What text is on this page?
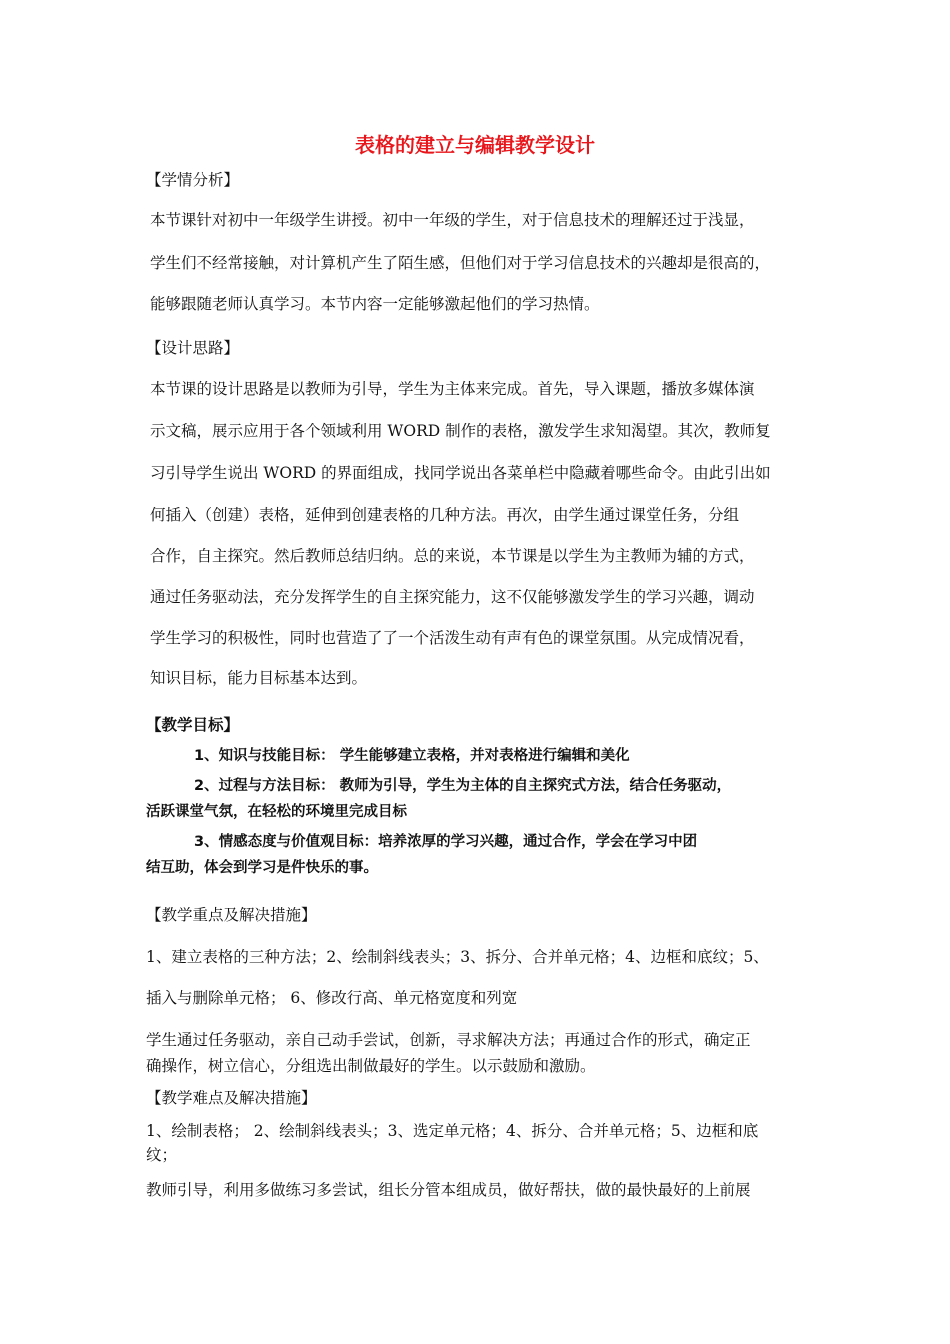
表格的建立与编辑教学设计
【学情分析】
本节课针对初中一年级学生讲授。初中一年级的学生，对于信息技术的理解还过于浅显，
学生们不经常接触，对计算机产生了陌生感，但他们对于学习信息技术的兴趣却是很高的，
能够跟随老师认真学习。本节内容一定能够激起他们的学习热情。
【设计思路】
本节课的设计思路是以教师为引导，学生为主体来完成。首先，导入课题，播放多媒体演
示文稿，展示应用于各个领域利用 WORD 制作的表格，激发学生求知渴望。其次，教师复
习引导学生说出 WORD 的界面组成，找同学说出各菜单栏中隐藏着哪些命令。由此引出如
何插入（创建）表格，延伸到创建表格的几种方法。再次，由学生通过课堂任务，分组
合作，自主探究。然后教师总结归纳。总的来说，本节课是以学生为主教师为辅的方式，
通过任务驱动法，充分发挥学生的自主探究能力，这不仅能够激发学生的学习兴趣，调动
学生学习的积极性，同时也营造了了一个活泼生动有声有色的课堂氛围。从完成情况看，
知识目标，能力目标基本达到。
【教学目标】
1、知识与技能目标： 学生能够建立表格，并对表格进行编辑和美化
2、过程与方法目标： 教师为引导，学生为主体的自主探究式方法，结合任务驱动，
活跃课堂气氛，在轻松的环境里完成目标
3、情感态度与价值观目标：培养浓厚的学习兴趣，通过合作，学会在学习中团
结互助，体会到学习是件快乐的事。
【教学重点及解决措施】
1、建立表格的三种方法；2、绘制斜线表头；3、拆分、合并单元格；4、边框和底纹；5、
插入与删除单元格； 6、修改行高、单元格宽度和列宽
学生通过任务驱动，亲自己动手尝试，创新，寻求解决方法；再通过合作的形式，确定正
确操作，树立信心，分组选出制做最好的学生。以示鼓励和激励。
【教学难点及解决措施】
1、绘制表格； 2、绘制斜线表头；3、选定单元格；4、拆分、合并单元格；5、边框和底
纹；
教师引导，利用多做练习多尝试，组长分管本组成员，做好帮扶，做的最快最好的上前展
